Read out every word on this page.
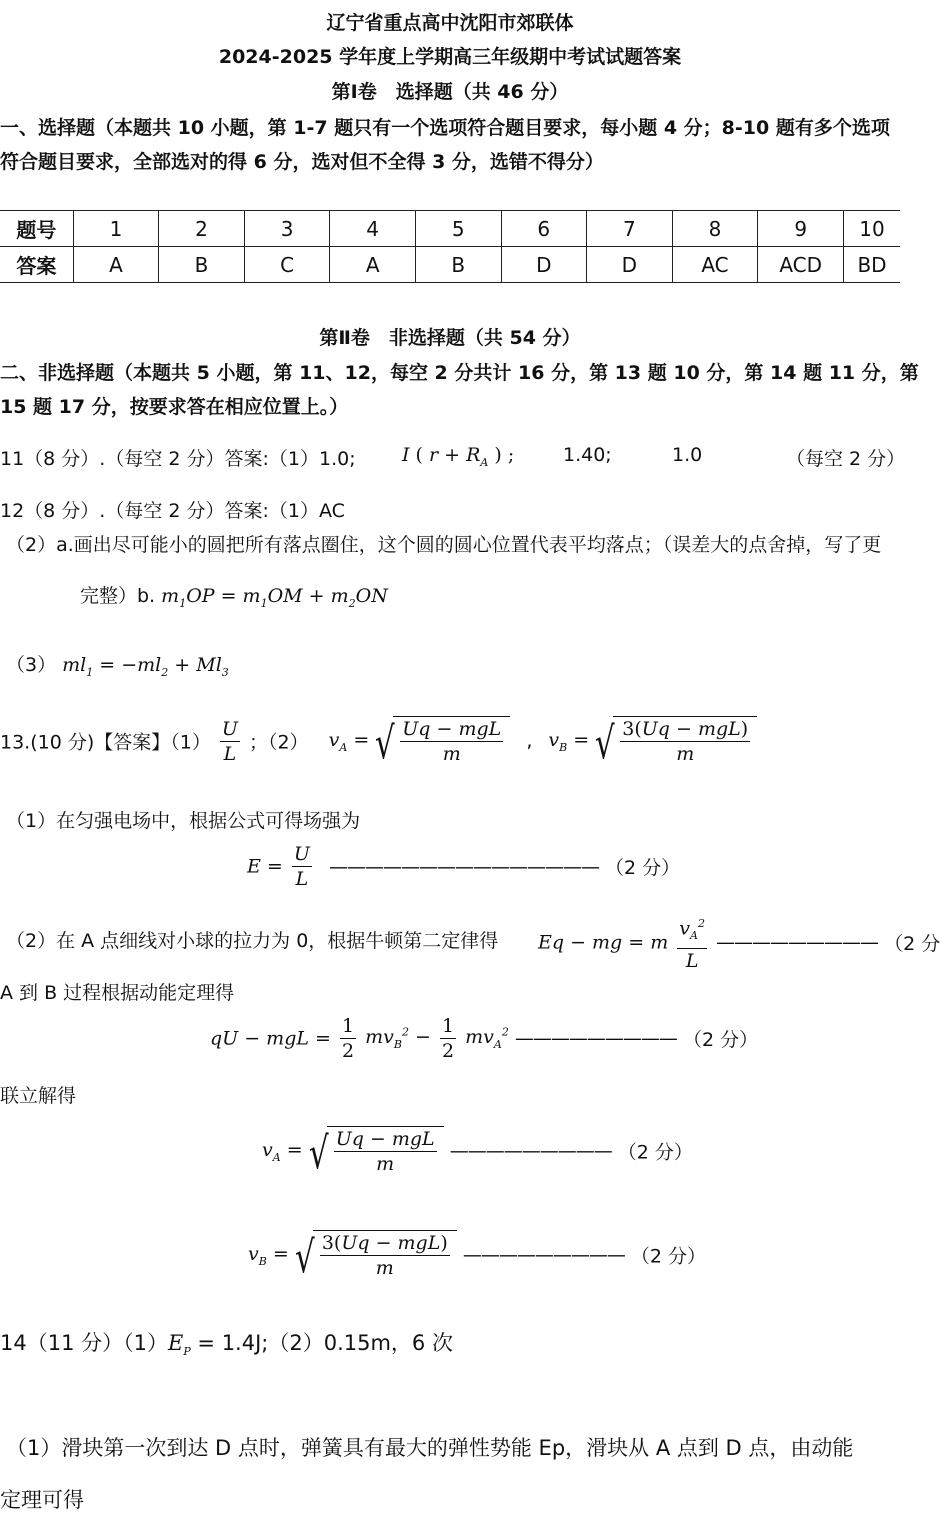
辽宁省重点高中沈阳市郊联体
2024-2025 学年度上学期高三年级期中考试试题答案
第Ⅰ卷　选择题（共 46 分）
一、选择题（本题共 10 小题，第 1-7 题只有一个选项符合题目要求，每小题 4 分；8-10 题有多个选项
符合题目要求，全部选对的得 6 分，选对但不全得 3 分，选错不得分）
题号	1	2	3	4	5	6	7	8	9	10
答案	A	B	C	A	B	D	D	AC	ACD	BD
第Ⅱ卷　非选择题（共 54 分）
二、非选择题（本题共 5 小题，第 11、12，每空 2 分共计 16 分，第 13 题 10 分，第 14 题 11 分，第
15 题 17 分，按要求答在相应位置上。）
11（8 分）.（每空 2 分）答案:（1）1.0; I ( $r + R_A$ ) ;	1.40;	1.0	（每空 2 分）
12（8 分）.（每空 2 分）答案:（1）AC
（2）a.画出尽可能小的圆把所有落点圈住，这个圆的圆心位置代表平均落点；（误差大的点舍掉，写了更
完整）b. $m_1OP = m_1OM + m_2ON$
（3） $ml_1 = -ml_2 + Ml_3$
13.(10 分)【答案】$(1) \frac{U}{L}$ ；（2） $v_A$ = √ $\frac{\text{Uq − mgL}}{m}$ , $v_B$ = √ $\frac{\text{3(Uq − mgL)}}{m}$
（1）在匀强电场中，根据公式可得场强为
$E = \frac{U}{L}$ ——————————————— （2 分）
（2）在 A 点细线对小球的拉力为 0，根据牛顿第二定律得 Eq − mg = m $\frac{v_A^2}{L}$ ————————— （2 分
A 到 B 过程根据动能定理得
qU − mgL = $\frac{1}{2} mv_B^2 - \frac{1}{2} mv_A^2$ ————————— （2 分）
联立解得
$v_A$ = √ $\frac{\text{Uq − mgL}}{m}$ ————————— （2 分）
$v_B$ = √ $\frac{\text{3(Uq − mgL)}}{m}$ ————————— （2 分）
14（11 分）$(1)E_P$ = 1.4J;（2）0.15m，6 次
（1）滑块第一次到达 D 点时，弹簧具有最大的弹性势能 Ep，滑块从 A 点到 D 点，由动能
定理可得
